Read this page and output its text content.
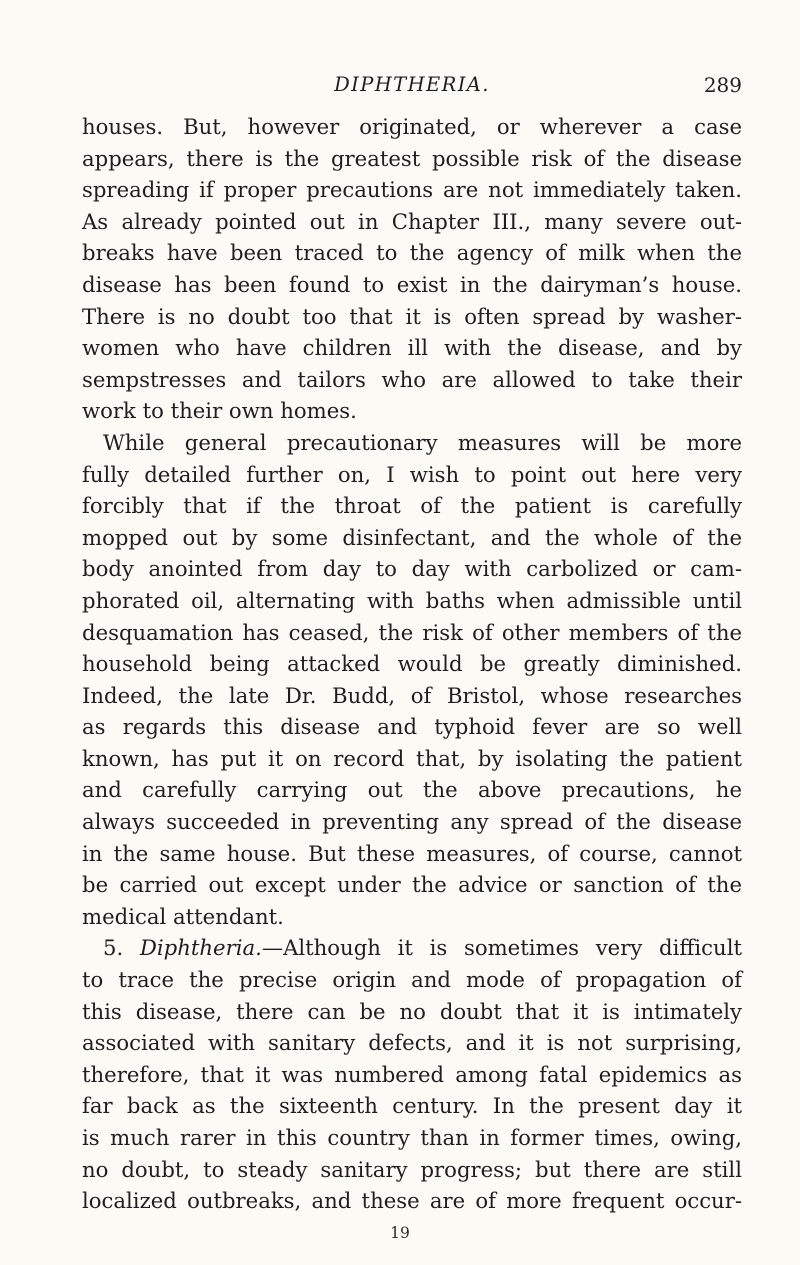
DIPHTHERIA.	289
houses. But, however originated, or wherever a case
appears, there is the greatest possible risk of the disease
spreading if proper precautions are not immediately taken.
As already pointed out in Chapter III., many severe out-
breaks have been traced to the agency of milk when the
disease has been found to exist in the dairyman’s house.
There is no doubt too that it is often spread by washer-
women who have children ill with the disease, and by
sempstresses and tailors who are allowed to take their
work to their own homes.
While general precautionary measures will be more
fully detailed further on, I wish to point out here very
forcibly that if the throat of the patient is carefully
mopped out by some disinfectant, and the whole of the
body anointed from day to day with carbolized or cam-
phorated oil, alternating with baths when admissible until
desquamation has ceased, the risk of other members of the
household being attacked would be greatly diminished.
Indeed, the late Dr. Budd, of Bristol, whose researches
as regards this disease and typhoid fever are so well
known, has put it on record that, by isolating the patient
and carefully carrying out the above precautions, he
always succeeded in preventing any spread of the disease
in the same house. But these measures, of course, cannot
be carried out except under the advice or sanction of the
medical attendant.
5. Diphtheria.—Although it is sometimes very difficult
to trace the precise origin and mode of propagation of
this disease, there can be no doubt that it is intimately
associated with sanitary defects, and it is not surprising,
therefore, that it was numbered among fatal epidemics as
far back as the sixteenth century. In the present day it
is much rarer in this country than in former times, owing,
no doubt, to steady sanitary progress; but there are still
localized outbreaks, and these are of more frequent occur-
19
